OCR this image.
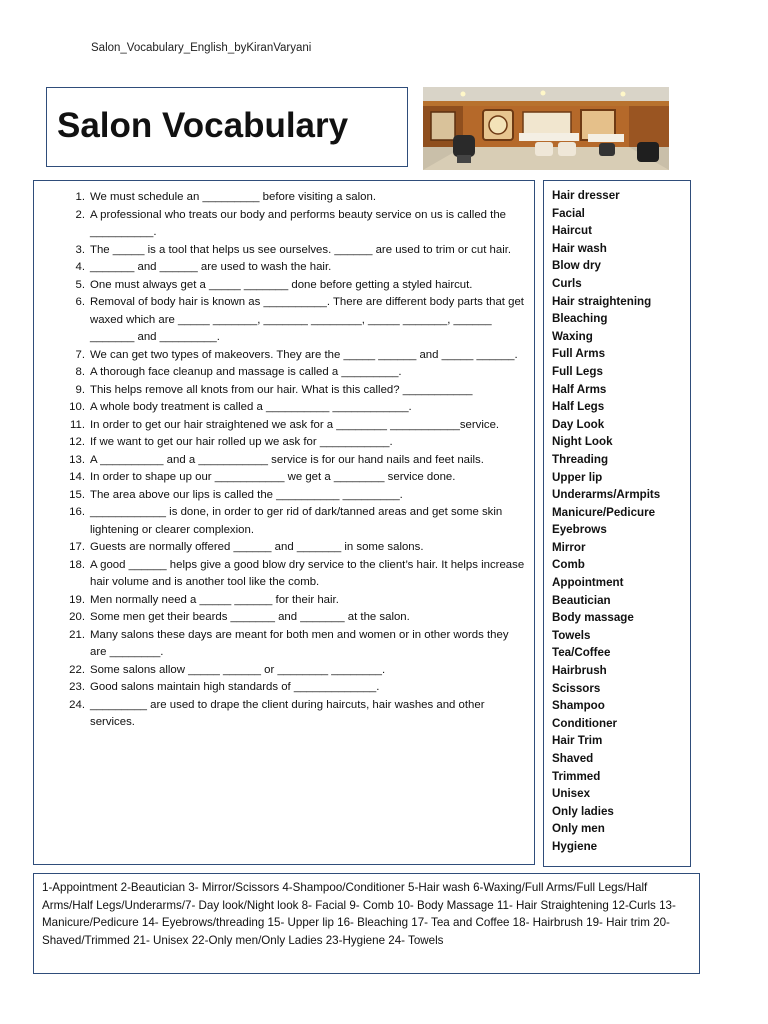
Salon_Vocabulary_English_byKiranVaryani
Salon Vocabulary
1. We must schedule an _________ before visiting a salon.
2. A professional who treats our body and performs beauty service on us is called the __________.
3. The _____ is a tool that helps us see ourselves. ______ are used to trim or cut hair.
4. _______ and ______ are used to wash the hair.
5. One must always get a _____ _______ done before getting a styled haircut.
6. Removal of body hair is known as __________. There are different body parts that get waxed which are _____ _______, _______ ________, _____ _______, ______ _______ and _________.
7. We can get two types of makeovers. They are the _____ ______ and _____ ______.
8. A thorough face cleanup and massage is called a _________.
9. This helps remove all knots from our hair. What is this called? ___________
10. A whole body treatment is called a __________ ____________.
11. In order to get our hair straightened we ask for a ________ ___________service.
12. If we want to get our hair rolled up we ask for ___________.
13. A __________ and a ___________ service is for our hand nails and feet nails.
14. In order to shape up our ___________ we get a ________ service done.
15. The area above our lips is called the __________ _________.
16. ____________ is done, in order to ger rid of dark/tanned areas and get some skin lightening or clearer complexion.
17. Guests are normally offered ______ and _______ in some salons.
18. A good ______ helps give a good blow dry service to the client’s hair. It helps increase hair volume and is another tool like the comb.
19. Men normally need a _____ ______ for their hair.
20. Some men get their beards _______ and _______ at the salon.
21. Many salons these days are meant for both men and women or in other words they are ________.
22. Some salons allow _____ ______ or ________ ________.
23. Good salons maintain high standards of _____________.
24. _________ are used to drape the client during haircuts, hair washes and other services.
Hair dresser
Facial
Haircut
Hair wash
Blow dry
Curls
Hair straightening
Bleaching
Waxing
Full Arms
Full Legs
Half Arms
Half Legs
Day Look
Night Look
Threading
Upper lip
Underarms/Armpits
Manicure/Pedicure
Eyebrows
Mirror
Comb
Appointment
Beautician
Body massage
Towels
Tea/Coffee
Hairbrush
Scissors
Shampoo
Conditioner
Hair Trim
Shaved
Trimmed
Unisex
Only ladies
Only men
Hygiene
1-Appointment 2-Beautician 3- Mirror/Scissors 4-Shampoo/Conditioner 5-Hair wash 6-Waxing/Full Arms/Full Legs/Half Arms/Half Legs/Underarms/7- Day look/Night look 8- Facial 9- Comb 10- Body Massage 11- Hair Straightening 12-Curls 13- Manicure/Pedicure 14- Eyebrows/threading 15- Upper lip 16- Bleaching 17- Tea and Coffee 18- Hairbrush 19- Hair trim 20- Shaved/Trimmed 21- Unisex 22-Only men/Only Ladies 23-Hygiene 24- Towels
